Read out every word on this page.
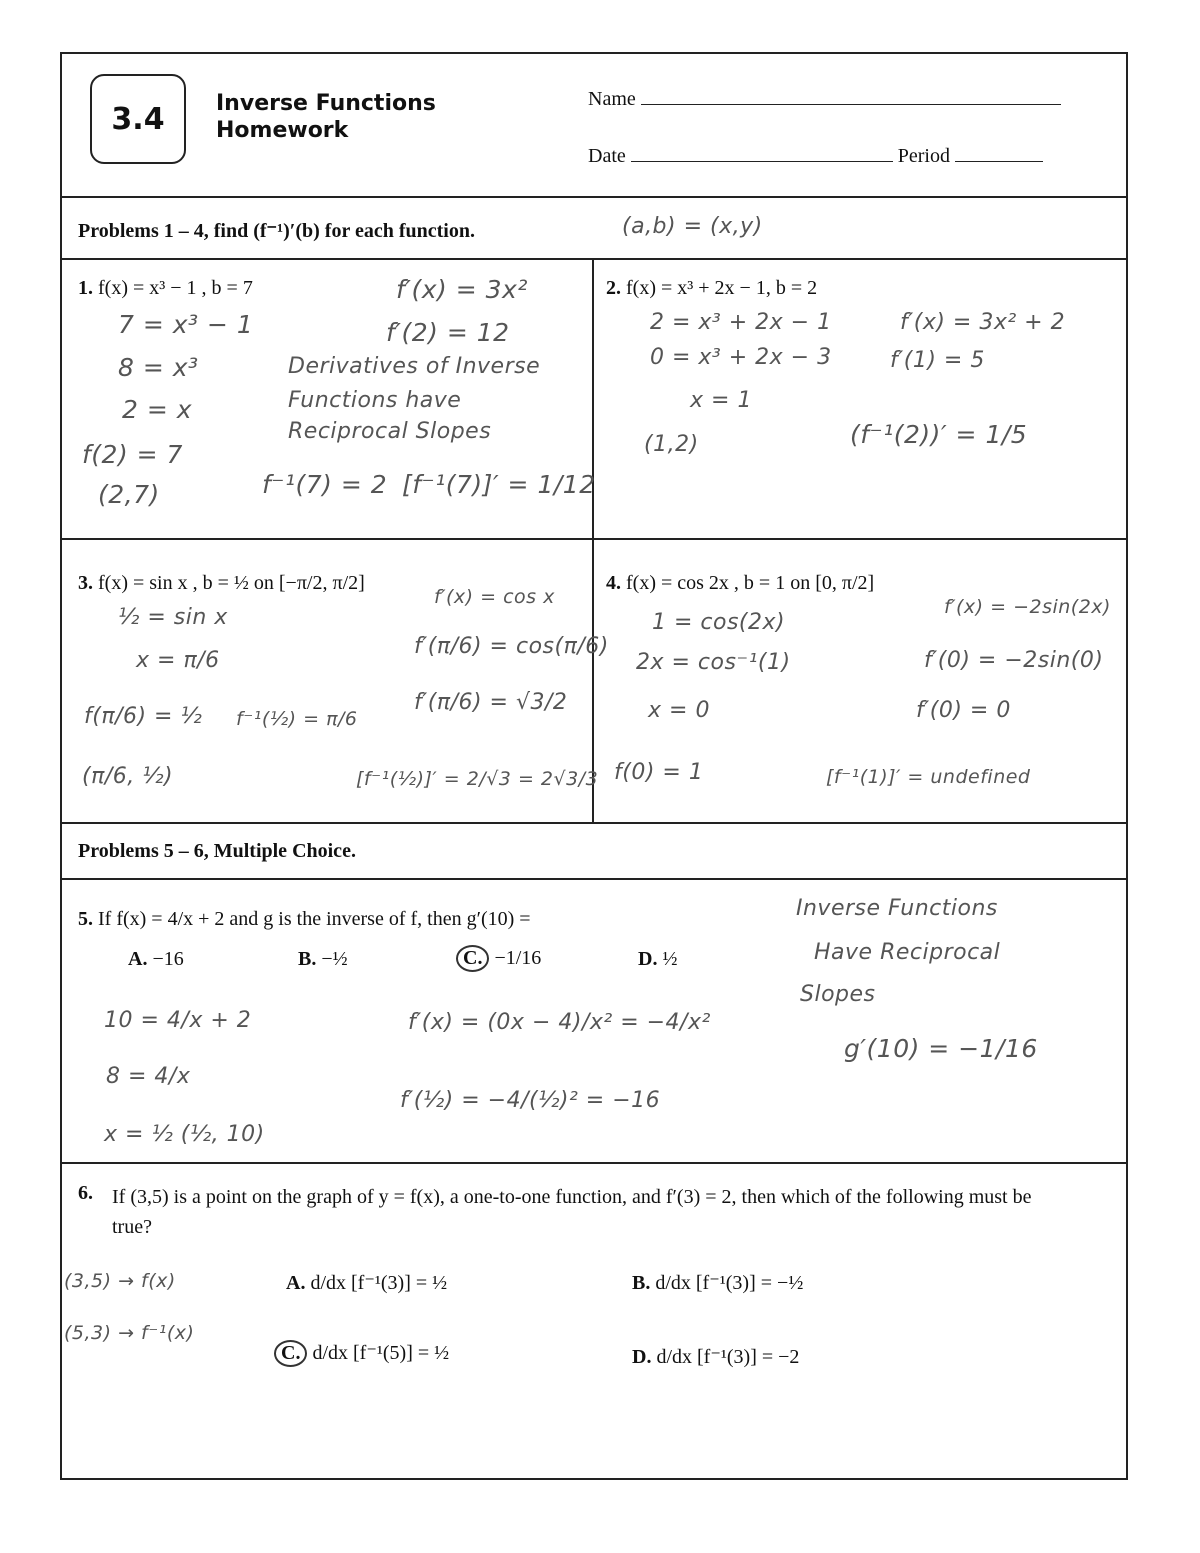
3.4	Inverse Functions
Homework
Name
Date	Period
Problems 1 – 4, find (f⁻¹)′(b) for each function.	(a,b) = (x,y)
1. f(x) = x³ − 1 , b = 7
7 = x³ − 1
8 = x³
2 = x
f(2) = 7
(2,7)
f′(x) = 3x²
f′(2) = 12
Derivatives of Inverse
Functions have
Reciprocal Slopes
f⁻¹(7) = 2 [f⁻¹(7)]′ = 1/12
2. f(x) = x³ + 2x − 1, b = 2
2 = x³ + 2x − 1
0 = x³ + 2x − 3
x = 1
(1,2)
f′(x) = 3x² + 2
f′(1) = 5
(f⁻¹(2))′ = 1/5
3. f(x) = sin x , b = ½ on [−π/2, π/2]
½ = sin x
x = π/6
f(π/6) = ½
(π/6, ½)
f⁻¹(½) = π/6
f′(x) = cos x
f′(π/6) = cos(π/6)
f′(π/6) = √3/2
[f⁻¹(½)]′ = 2/√3 = 2√3/3
4. f(x) = cos 2x , b = 1 on [0, π/2]
1 = cos(2x)
2x = cos⁻¹(1)
x = 0
f(0) = 1
f′(x) = −2sin(2x)
f′(0) = −2sin(0)
f′(0) = 0
[f⁻¹(1)]′ = undefined
Problems 5 – 6, Multiple Choice.
5. If f(x) = 4/x + 2 and g is the inverse of f, then g′(10) =
A. −16	B. −½	C. −1/16	D. ½
10 = 4/x + 2
8 = 4/x
x = ½ (½, 10)
f′(x) = (0x − 4)/x² = −4/x²
f′(½) = −4/(½)² = −16
Inverse Functions
Have Reciprocal
Slopes
g′(10) = −1/16
6. If (3,5) is a point on the graph of y = f(x), a one-to-one function, and f′(3) = 2, then which of the following must be true?
A. d/dx [f⁻¹(3)] = ½	B. d/dx [f⁻¹(3)] = −½
C. d/dx [f⁻¹(5)] = ½	D. d/dx [f⁻¹(3)] = −2
(3,5) → f(x)
(5,3) → f⁻¹(x)
